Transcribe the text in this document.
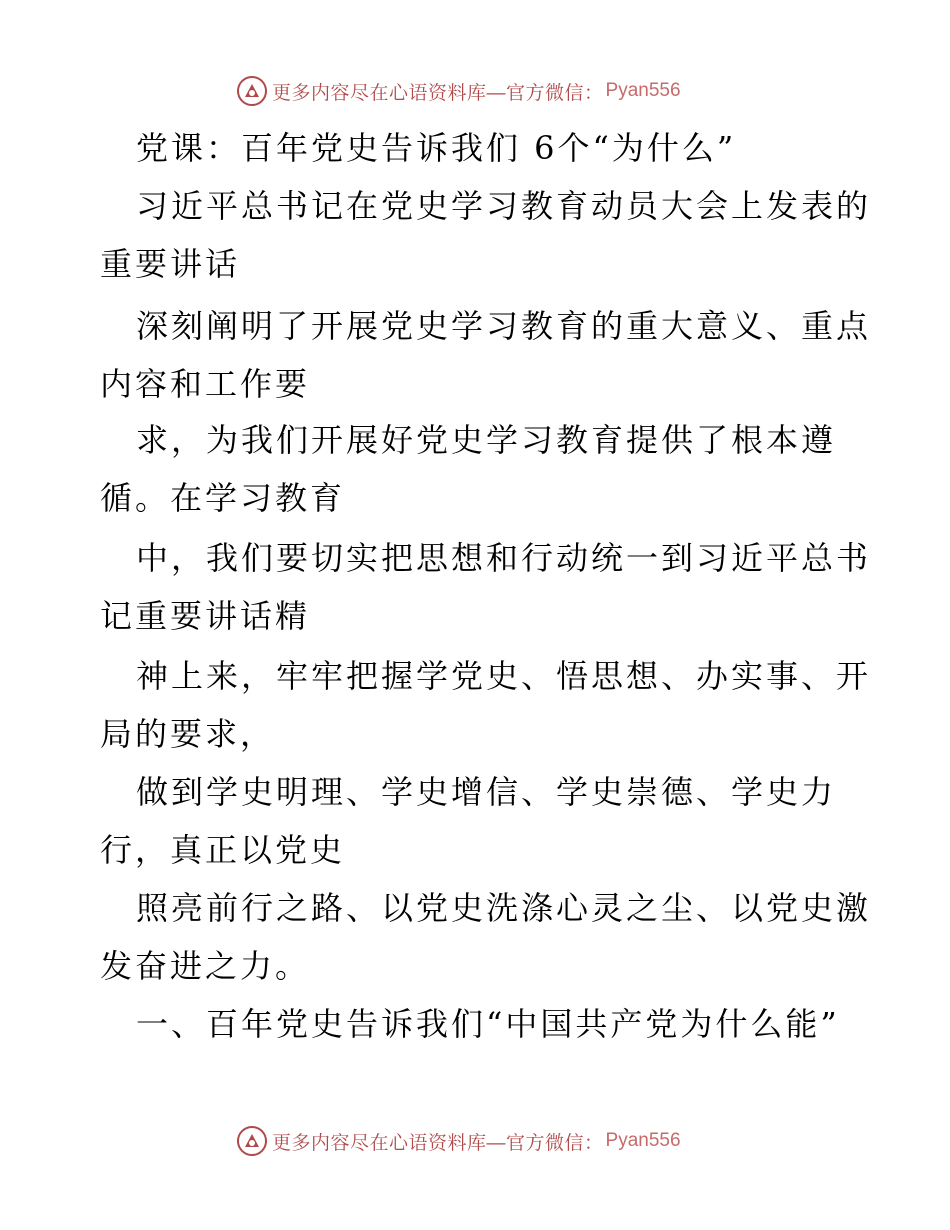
更多内容尽在心语资料库—官方微信： Pyan556
党课：百年党史告诉我们 6个“为什么”
习近平总书记在党史学习教育动员大会上发表的
重要讲话
深刻阐明了开展党史学习教育的重大意义、重点
内容和工作要
求，为我们开展好党史学习教育提供了根本遵
循。在学习教育
中，我们要切实把思想和行动统一到习近平总书
记重要讲话精
神上来，牢牢把握学党史、悟思想、办实事、开
局的要求，
做到学史明理、学史增信、学史崇德、学史力
行，真正以党史
照亮前行之路、以党史洗涤心灵之尘、以党史激
发奋进之力。
一、百年党史告诉我们“中国共产党为什么能”
更多内容尽在心语资料库—官方微信： Pyan556
